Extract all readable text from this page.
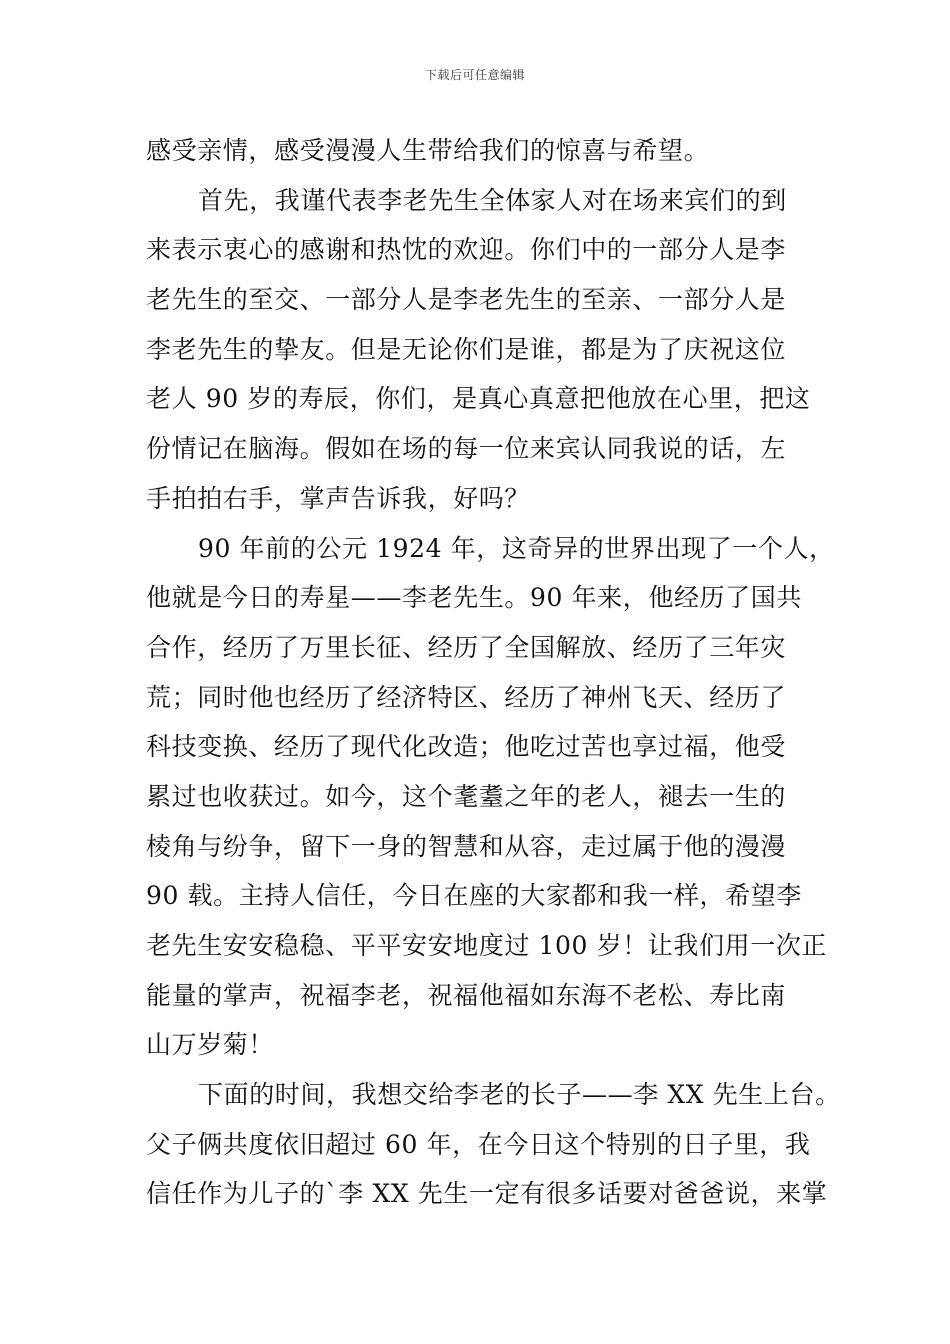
下载后可任意编辑
感受亲情，感受漫漫人生带给我们的惊喜与希望。
首先，我谨代表李老先生全体家人对在场来宾们的到
来表示衷心的感谢和热忱的欢迎。你们中的一部分人是李
老先生的至交、一部分人是李老先生的至亲、一部分人是
李老先生的挚友。但是无论你们是谁，都是为了庆祝这位
老人 90 岁的寿辰，你们，是真心真意把他放在心里，把这
份情记在脑海。假如在场的每一位来宾认同我说的话，左
手拍拍右手，掌声告诉我，好吗？
90 年前的公元 1924 年，这奇异的世界出现了一个人，
他就是今日的寿星——李老先生。90 年来，他经历了国共
合作，经历了万里长征、经历了全国解放、经历了三年灾
荒；同时他也经历了经济特区、经历了神州飞天、经历了
科技变换、经历了现代化改造；他吃过苦也享过福，他受
累过也收获过。如今，这个耄耋之年的老人，褪去一生的
棱角与纷争，留下一身的智慧和从容，走过属于他的漫漫
90 载。主持人信任，今日在座的大家都和我一样，希望李
老先生安安稳稳、平平安安地度过 100 岁！让我们用一次正
能量的掌声，祝福李老，祝福他福如东海不老松、寿比南
山万岁菊！
下面的时间，我想交给李老的长子——李 XX 先生上台。
父子俩共度依旧超过 60 年，在今日这个特别的日子里，我
信任作为儿子的`李 XX 先生一定有很多话要对爸爸说，来掌
